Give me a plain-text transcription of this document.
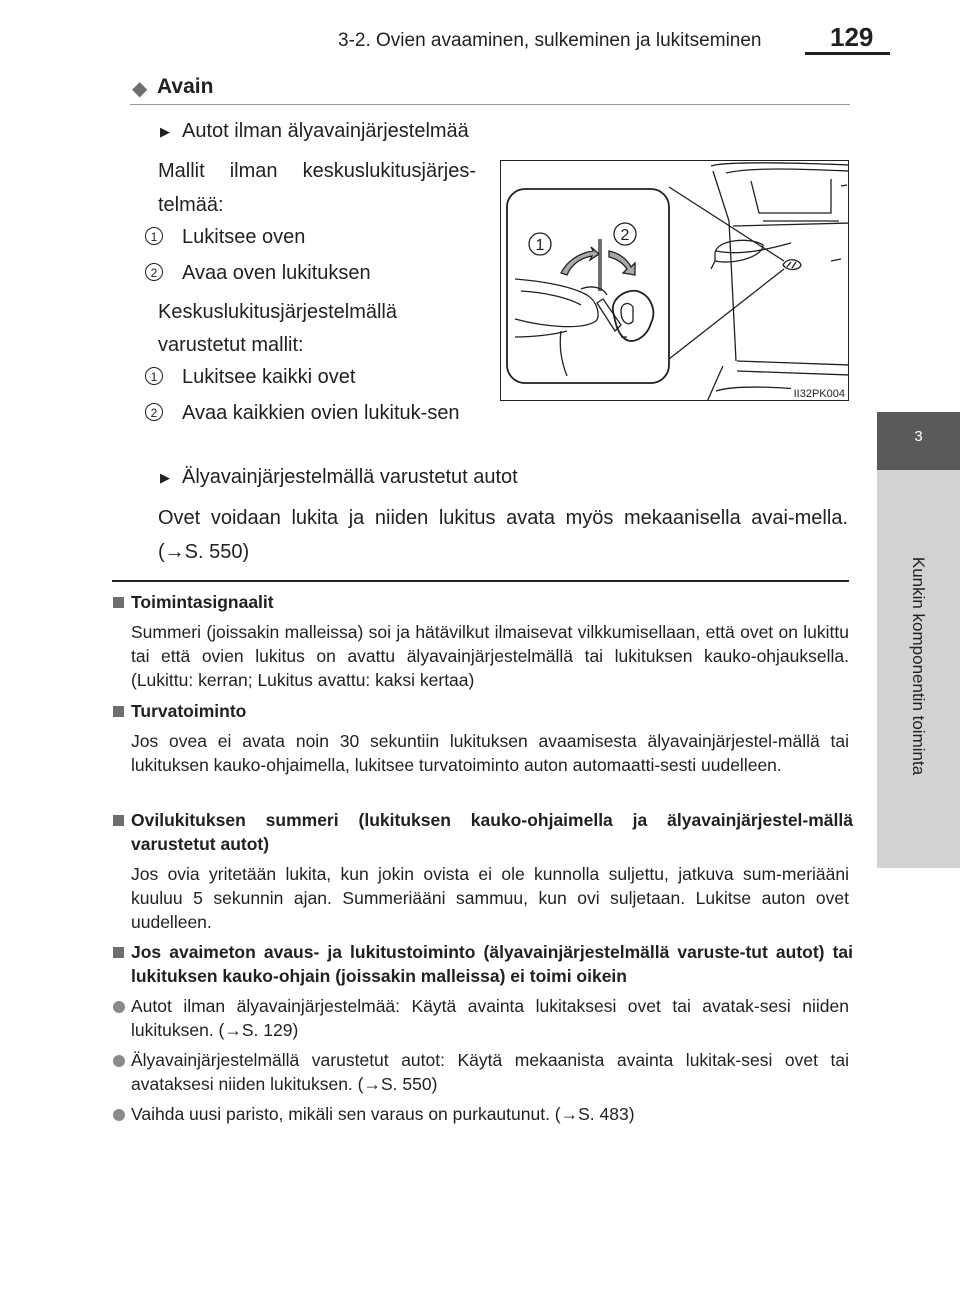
3-2. Ovien avaaminen, sulkeminen ja lukitseminen	129
3
Kunkin komponentin toiminta
◆ Avain
▶ Autot ilman älyavainjärjestelmää
Mallit ilman keskuslukitusjärjes-telmää:
1 Lukitsee oven
2 Avaa oven lukituksen
Keskuslukitusjärjestelmällä varustetut mallit:
1 Lukitsee kaikki ovet
2 Avaa kaikkien ovien lukituk-sen
1
2
II32PK004
▶ Älyavainjärjestelmällä varustetut autot
Ovet voidaan lukita ja niiden lukitus avata myös mekaanisella avai-mella. (→S. 550)
Toimintasignaalit
Summeri (joissakin malleissa) soi ja hätävilkut ilmaisevat vilkkumisellaan, että ovet on lukittu tai että ovien lukitus on avattu älyavainjärjestelmällä tai lukituksen kauko-ohjauksella. (Lukittu: kerran; Lukitus avattu: kaksi kertaa)
Turvatoiminto
Jos ovea ei avata noin 30 sekuntiin lukituksen avaamisesta älyavainjärjestel-mällä tai lukituksen kauko-ohjaimella, lukitsee turvatoiminto auton automaatti-sesti uudelleen.
Ovilukituksen summeri (lukituksen kauko-ohjaimella ja älyavainjärjestel-mällä varustetut autot)
Jos ovia yritetään lukita, kun jokin ovista ei ole kunnolla suljettu, jatkuva sum-meriääni kuuluu 5 sekunnin ajan. Summeriääni sammuu, kun ovi suljetaan. Lukitse auton ovet uudelleen.
Jos avaimeton avaus- ja lukitustoiminto (älyavainjärjestelmällä varuste-tut autot) tai lukituksen kauko-ohjain (joissakin malleissa) ei toimi oikein
Autot ilman älyavainjärjestelmää: Käytä avainta lukitaksesi ovet tai avatak-sesi niiden lukituksen. (→S. 129)
Älyavainjärjestelmällä varustetut autot: Käytä mekaanista avainta lukitak-sesi ovet tai avataksesi niiden lukituksen. (→S. 550)
Vaihda uusi paristo, mikäli sen varaus on purkautunut. (→S. 483)
